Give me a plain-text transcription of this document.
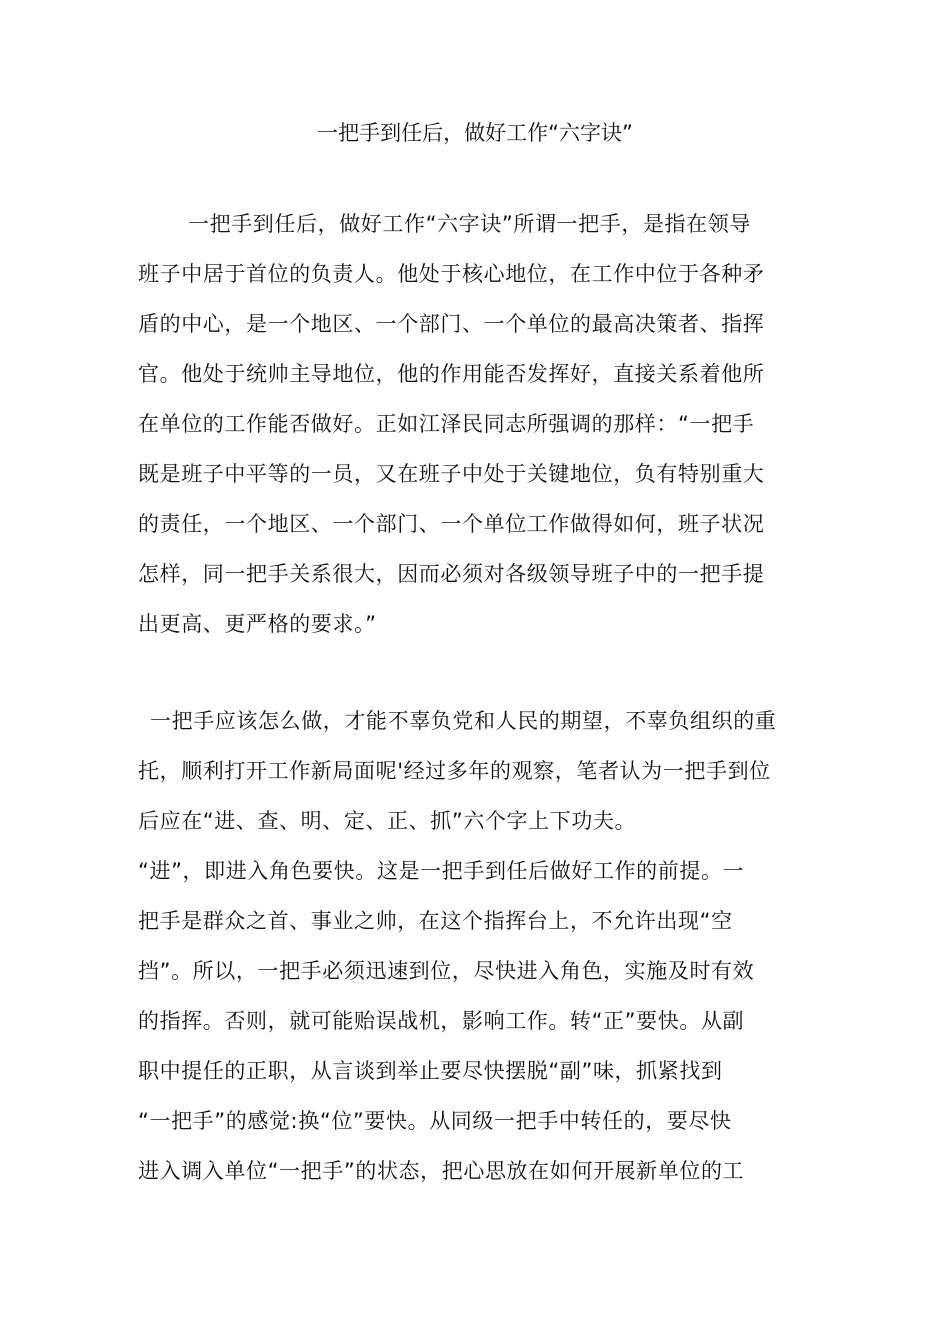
一把手到任后，做好工作“六字诀”
一把手到任后，做好工作“六字诀”所谓一把手，是指在领导
班子中居于首位的负责人。他处于核心地位，在工作中位于各种矛
盾的中心，是一个地区、一个部门、一个单位的最高决策者、指挥
官。他处于统帅主导地位，他的作用能否发挥好，直接关系着他所
在单位的工作能否做好。正如江泽民同志所强调的那样：“一把手
既是班子中平等的一员，又在班子中处于关键地位，负有特别重大
的责任，一个地区、一个部门、一个单位工作做得如何，班子状况
怎样，同一把手关系很大，因而必须对各级领导班子中的一把手提
出更高、更严格的要求。”
一把手应该怎么做，才能不辜负党和人民的期望，不辜负组织的重
托，顺利打开工作新局面呢'经过多年的观察，笔者认为一把手到位
后应在“进、查、明、定、正、抓”六个字上下功夫。
“进”，即进入角色要快。这是一把手到任后做好工作的前提。一
把手是群众之首、事业之帅，在这个指挥台上，不允许出现“空
挡”。所以，一把手必须迅速到位，尽快进入角色，实施及时有效
的指挥。否则，就可能贻误战机，影响工作。转“正”要快。从副
职中提任的正职，从言谈到举止要尽快摆脱“副”味，抓紧找到
“一把手”的感觉:换“位”要快。从同级一把手中转任的，要尽快
进入调入单位“一把手”的状态，把心思放在如何开展新单位的工
